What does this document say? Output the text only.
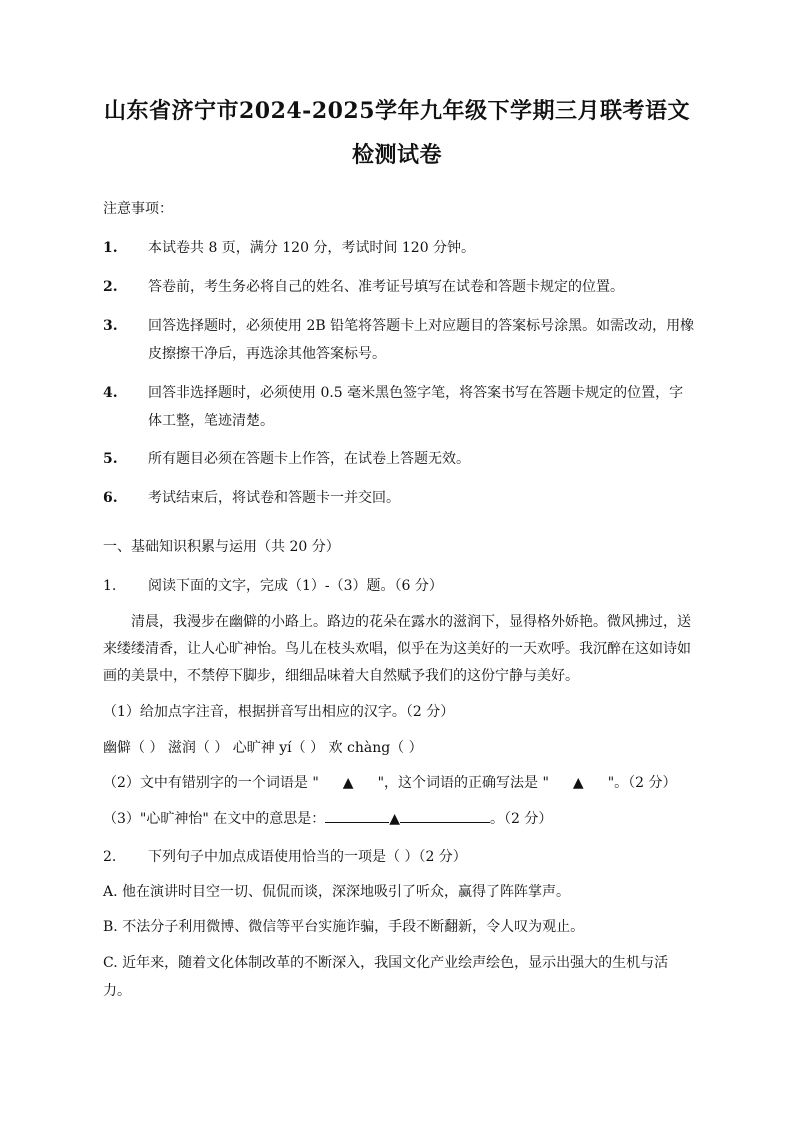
山东省济宁市2024-2025学年九年级下学期三月联考语文
检测试卷
注意事项：
1. 本试卷共 8 页，满分 120 分，考试时间 120 分钟。
2. 答卷前，考生务必将自己的姓名、准考证号填写在试卷和答题卡规定的位置。
3. 回答选择题时，必须使用 2B 铅笔将答题卡上对应题目的答案标号涂黑。如需改动，用橡
皮擦擦干净后，再选涂其他答案标号。
4. 回答非选择题时，必须使用 0.5 毫米黑色签字笔，将答案书写在答题卡规定的位置，字
体工整，笔迹清楚。
5. 所有题目必须在答题卡上作答，在试卷上答题无效。
6. 考试结束后，将试卷和答题卡一并交回。
一、基础知识积累与运用（共 20 分）
1. 阅读下面的文字，完成（1）-（3）题。（6 分）
清晨，我漫步在幽僻的小路上。路边的花朵在露水的滋润下，显得格外娇艳。微风拂过，送
来缕缕清香，让人心旷神怡。鸟儿在枝头欢唱，似乎在为这美好的一天欢呼。我沉醉在这如诗如
画的美景中，不禁停下脚步，细细品味着大自然赋予我们的这份宁静与美好。
（1）给加点字注音，根据拼音写出相应的汉字。（2 分）
幽僻（ ） 滋润（ ） 心旷神 yí（ ） 欢 chàng（ ）
（2）文中有错别字的一个词语是 " ▲ "，这个词语的正确写法是 " ▲ "。（2 分）
（3）"心旷神怡" 在文中的意思是：	▲	。（2 分）
2. 下列句子中加点成语使用恰当的一项是（ ）（2 分）
A. 他在演讲时目空一切、侃侃而谈，深深地吸引了听众，赢得了阵阵掌声。
B. 不法分子利用微博、微信等平台实施诈骗，手段不断翻新，令人叹为观止。
C. 近年来，随着文化体制改革的不断深入，我国文化产业绘声绘色，显示出强大的生机与活
力。
